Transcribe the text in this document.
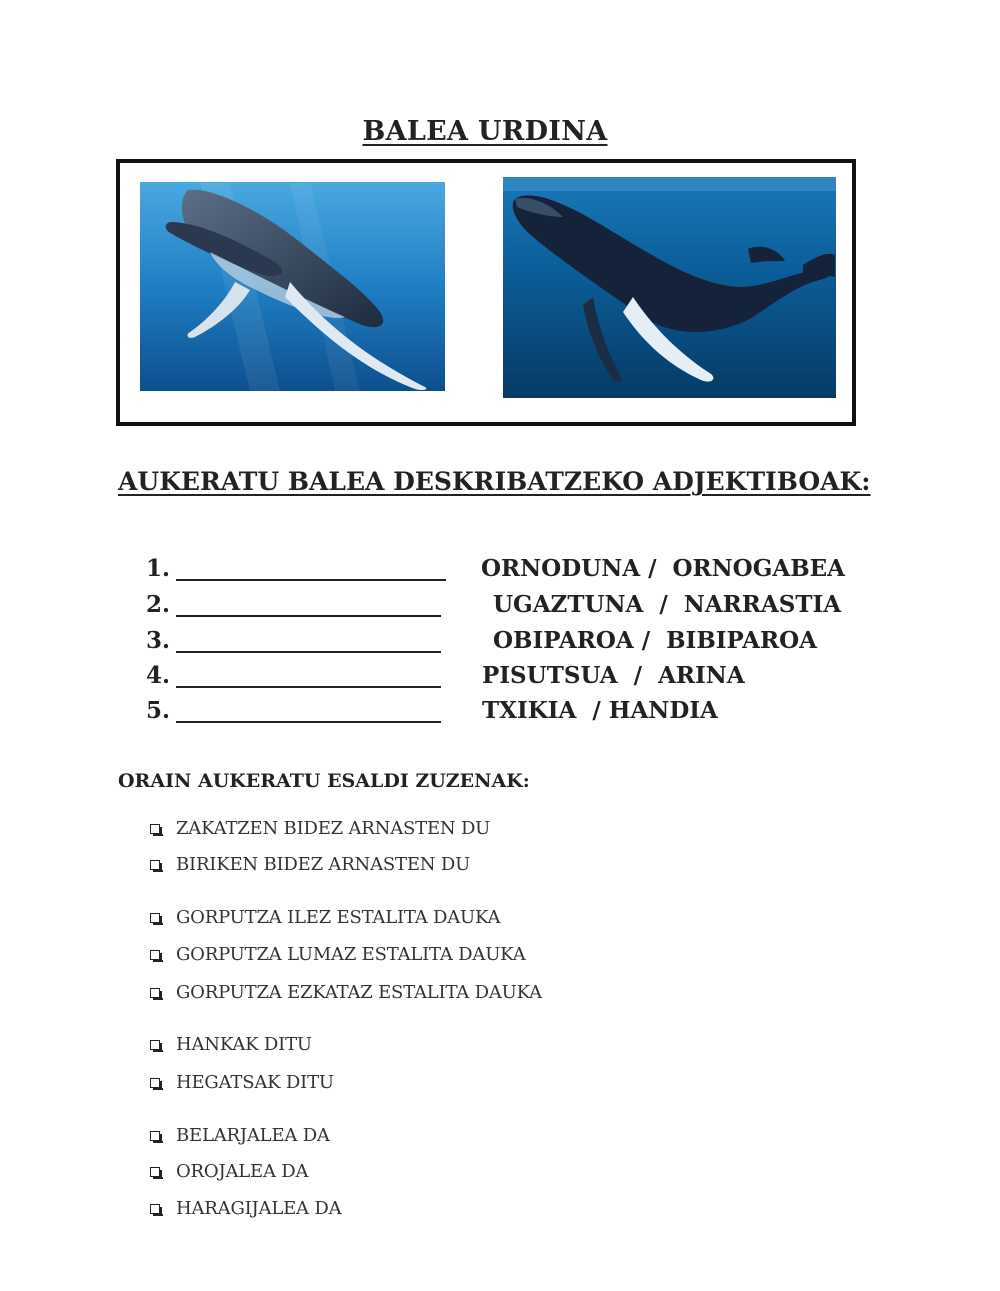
BALEA URDINA
AUKERATU BALEA DESKRIBATZEKO ADJEKTIBOAK:
1.	ORNODUNA /  ORNOGABEA
2.	UGAZTUNA  /  NARRASTIA
3.	OBIPAROA /  BIBIPAROA
4.	PISUTSUA  /  ARINA
5.	TXIKIA  / HANDIA
ORAIN AUKERATU ESALDI ZUZENAK:
ZAKATZEN BIDEZ ARNASTEN DU
BIRIKEN BIDEZ ARNASTEN DU
GORPUTZA ILEZ ESTALITA DAUKA
GORPUTZA LUMAZ ESTALITA DAUKA
GORPUTZA EZKATAZ ESTALITA DAUKA
HANKAK DITU
HEGATSAK DITU
BELARJALEA DA
OROJALEA DA
HARAGIJALEA DA
